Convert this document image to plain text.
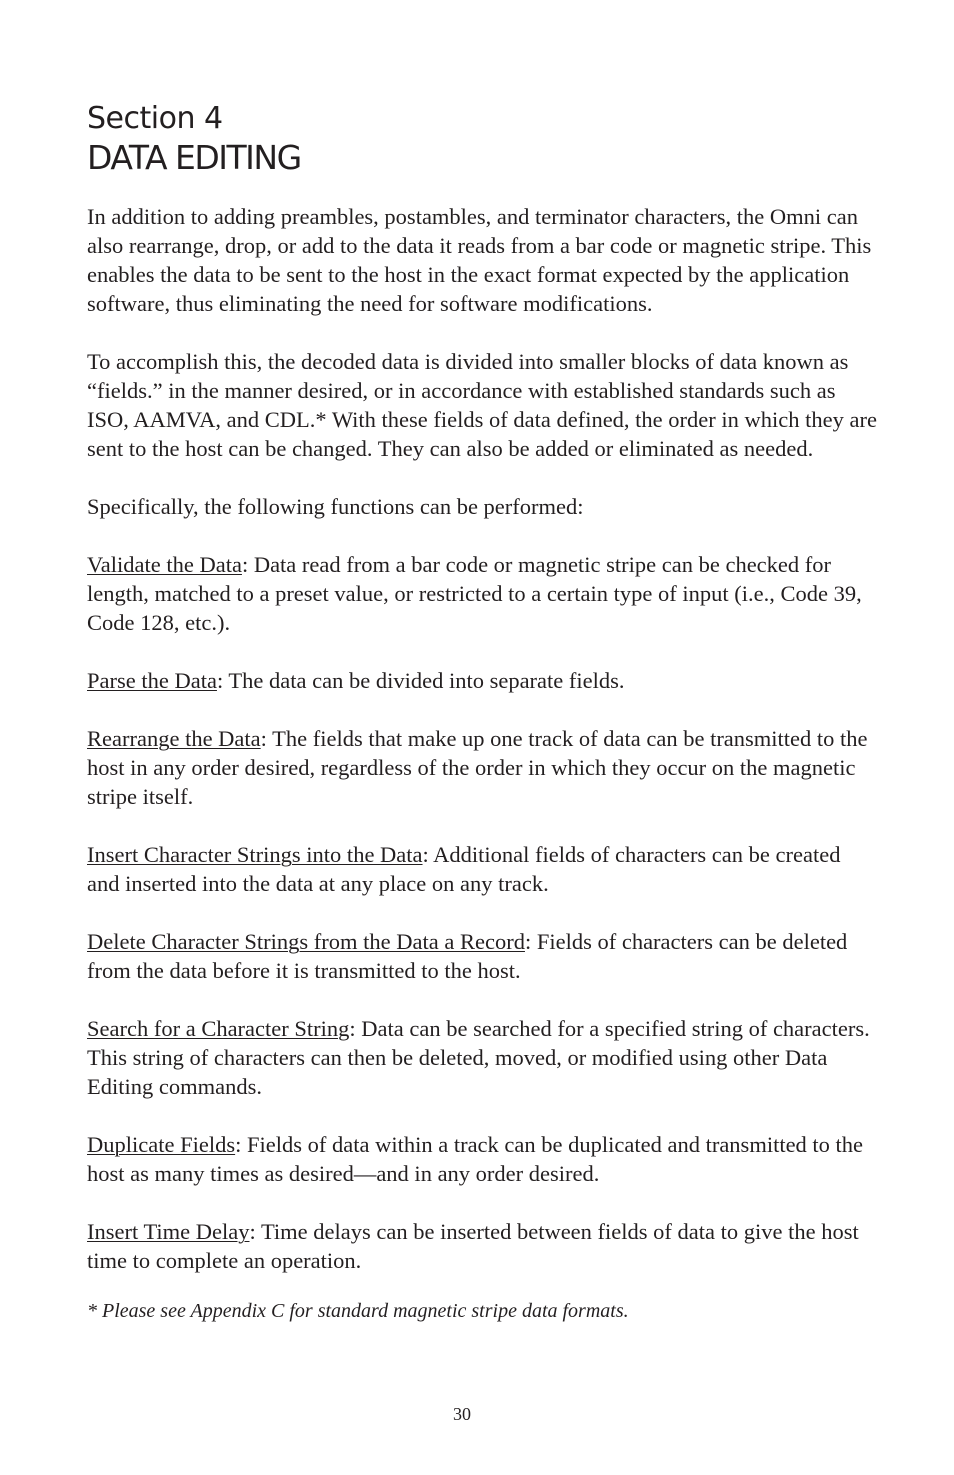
Section 4
DATA EDITING

In addition to adding preambles, postambles, and terminator characters, the Omni can also rearrange, drop, or add to the data it reads from a bar code or magnetic stripe. This enables the data to be sent to the host in the exact format expected by the application software, thus eliminating the need for software modifications.

To accomplish this, the decoded data is divided into smaller blocks of data known as “fields.” in the manner desired, or in accordance with established standards such as ISO, AAMVA, and CDL.* With these fields of data defined, the order in which they are sent to the host can be changed. They can also be added or eliminated as needed.

Specifically, the following functions can be performed:

Validate the Data: Data read from a bar code or magnetic stripe can be checked for length, matched to a preset value, or restricted to a certain type of input (i.e., Code 39, Code 128, etc.).

Parse the Data: The data can be divided into separate fields.

Rearrange the Data: The fields that make up one track of data can be transmitted to the host in any order desired, regardless of the order in which they occur on the magnetic stripe itself.

Insert Character Strings into the Data: Additional fields of characters can be created and inserted into the data at any place on any track.

Delete Character Strings from the Data a Record: Fields of characters can be deleted from the data before it is transmitted to the host.

Search for a Character String: Data can be searched for a specified string of characters. This string of characters can then be deleted, moved, or modified using other Data Editing commands.

Duplicate Fields: Fields of data within a track can be duplicated and transmitted to the host as many times as desired—and in any order desired.

Insert Time Delay: Time delays can be inserted between fields of data to give the host time to complete an operation.

* Please see Appendix C for standard magnetic stripe data formats.

30
